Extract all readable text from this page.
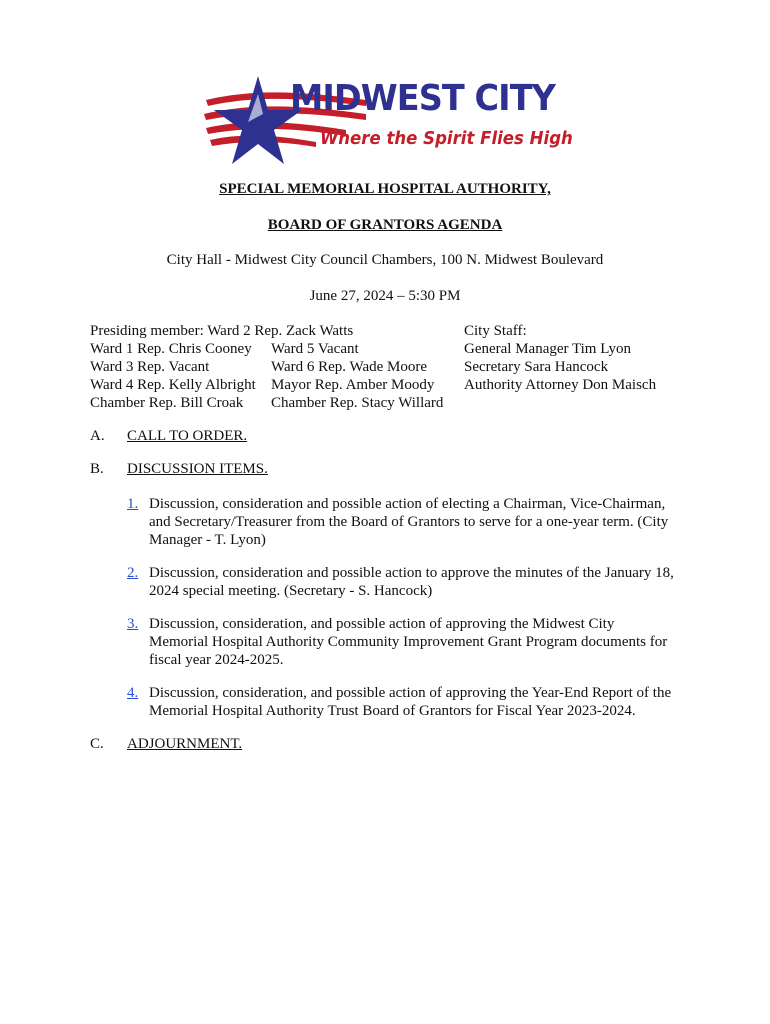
MIDWEST CITY
Where the Spirit Flies High
SPECIAL MEMORIAL HOSPITAL AUTHORITY,
BOARD OF GRANTORS AGENDA
City Hall - Midwest City Council Chambers, 100 N. Midwest Boulevard
June 27, 2024 – 5:30 PM
Presiding member: Ward 2 Rep. Zack Watts
Ward 1 Rep. Chris Cooney
Ward 3 Rep. Vacant
Ward 4 Rep. Kelly Albright
Chamber Rep. Bill Croak
Ward 5 Vacant
Ward 6 Rep. Wade Moore
Mayor Rep. Amber Moody
Chamber Rep. Stacy Willard
City Staff:
General Manager Tim Lyon
Secretary Sara Hancock
Authority Attorney Don Maisch
A. CALL TO ORDER.
B. DISCUSSION ITEMS.
1. Discussion, consideration and possible action of electing a Chairman, Vice-Chairman,
and Secretary/Treasurer from the Board of Grantors to serve for a one-year term. (City
Manager - T. Lyon)
2. Discussion, consideration and possible action to approve the minutes of the January 18,
2024 special meeting. (Secretary - S. Hancock)
3. Discussion, consideration, and possible action of approving the Midwest City
Memorial Hospital Authority Community Improvement Grant Program documents for
fiscal year 2024-2025.
4. Discussion, consideration, and possible action of approving the Year-End Report of the
Memorial Hospital Authority Trust Board of Grantors for Fiscal Year 2023-2024.
C. ADJOURNMENT.
